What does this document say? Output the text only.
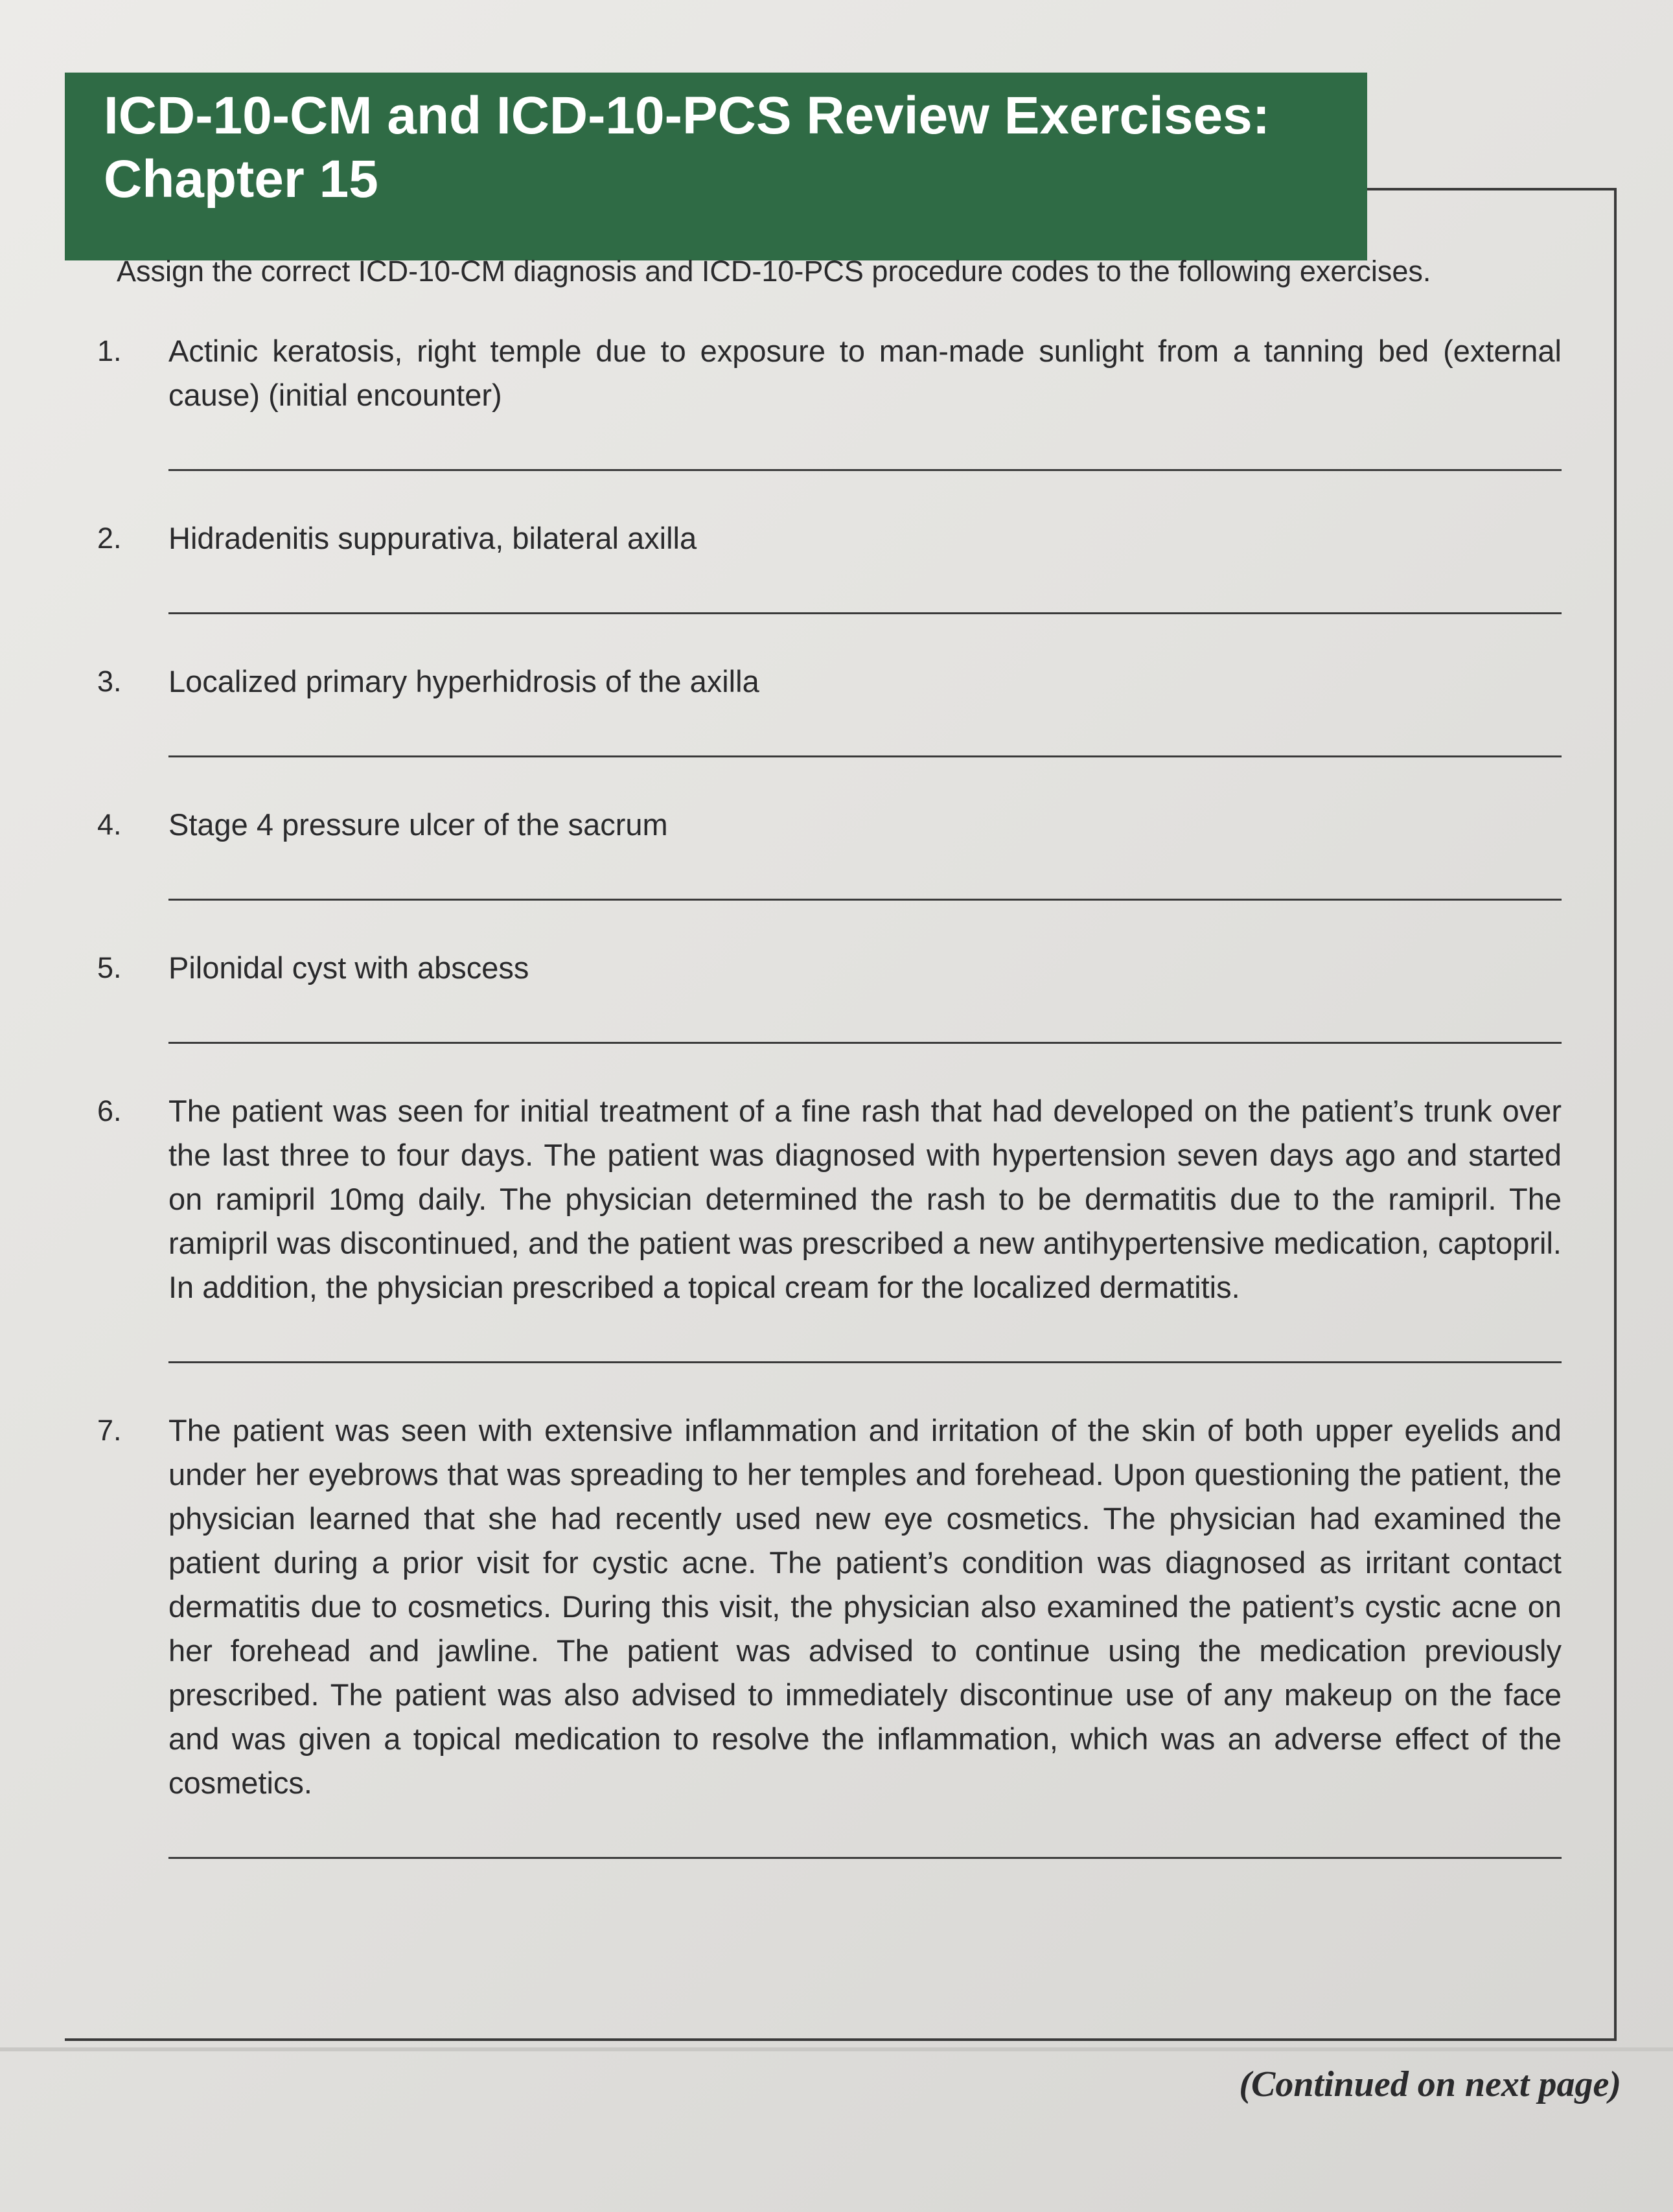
ICD-10-CM and ICD-10-PCS Review Exercises:
Chapter 15
Assign the correct ICD-10-CM diagnosis and ICD-10-PCS procedure codes to the following exercises.
1. Actinic keratosis, right temple due to exposure to man-made sunlight from a tanning bed (external cause) (initial encounter)
2. Hidradenitis suppurativa, bilateral axilla
3. Localized primary hyperhidrosis of the axilla
4. Stage 4 pressure ulcer of the sacrum
5. Pilonidal cyst with abscess
6. The patient was seen for initial treatment of a fine rash that had developed on the patient’s trunk over the last three to four days. The patient was diagnosed with hypertension seven days ago and started on ramipril 10mg daily. The physician determined the rash to be dermatitis due to the ramipril. The ramipril was discontinued, and the patient was prescribed a new antihypertensive medication, captopril. In addition, the physician prescribed a topical cream for the localized dermatitis.
7. The patient was seen with extensive inflammation and irritation of the skin of both upper eyelids and under her eyebrows that was spreading to her temples and forehead. Upon questioning the patient, the physician learned that she had recently used new eye cosmetics. The physician had examined the patient during a prior visit for cystic acne. The patient’s condition was diagnosed as irritant contact dermatitis due to cosmetics. During this visit, the physician also examined the patient’s cystic acne on her forehead and jawline. The patient was advised to continue using the medication previously prescribed. The patient was also advised to immediately discontinue use of any makeup on the face and was given a topical medication to resolve the inflammation, which was an adverse effect of the cosmetics.
(Continued on next page)
